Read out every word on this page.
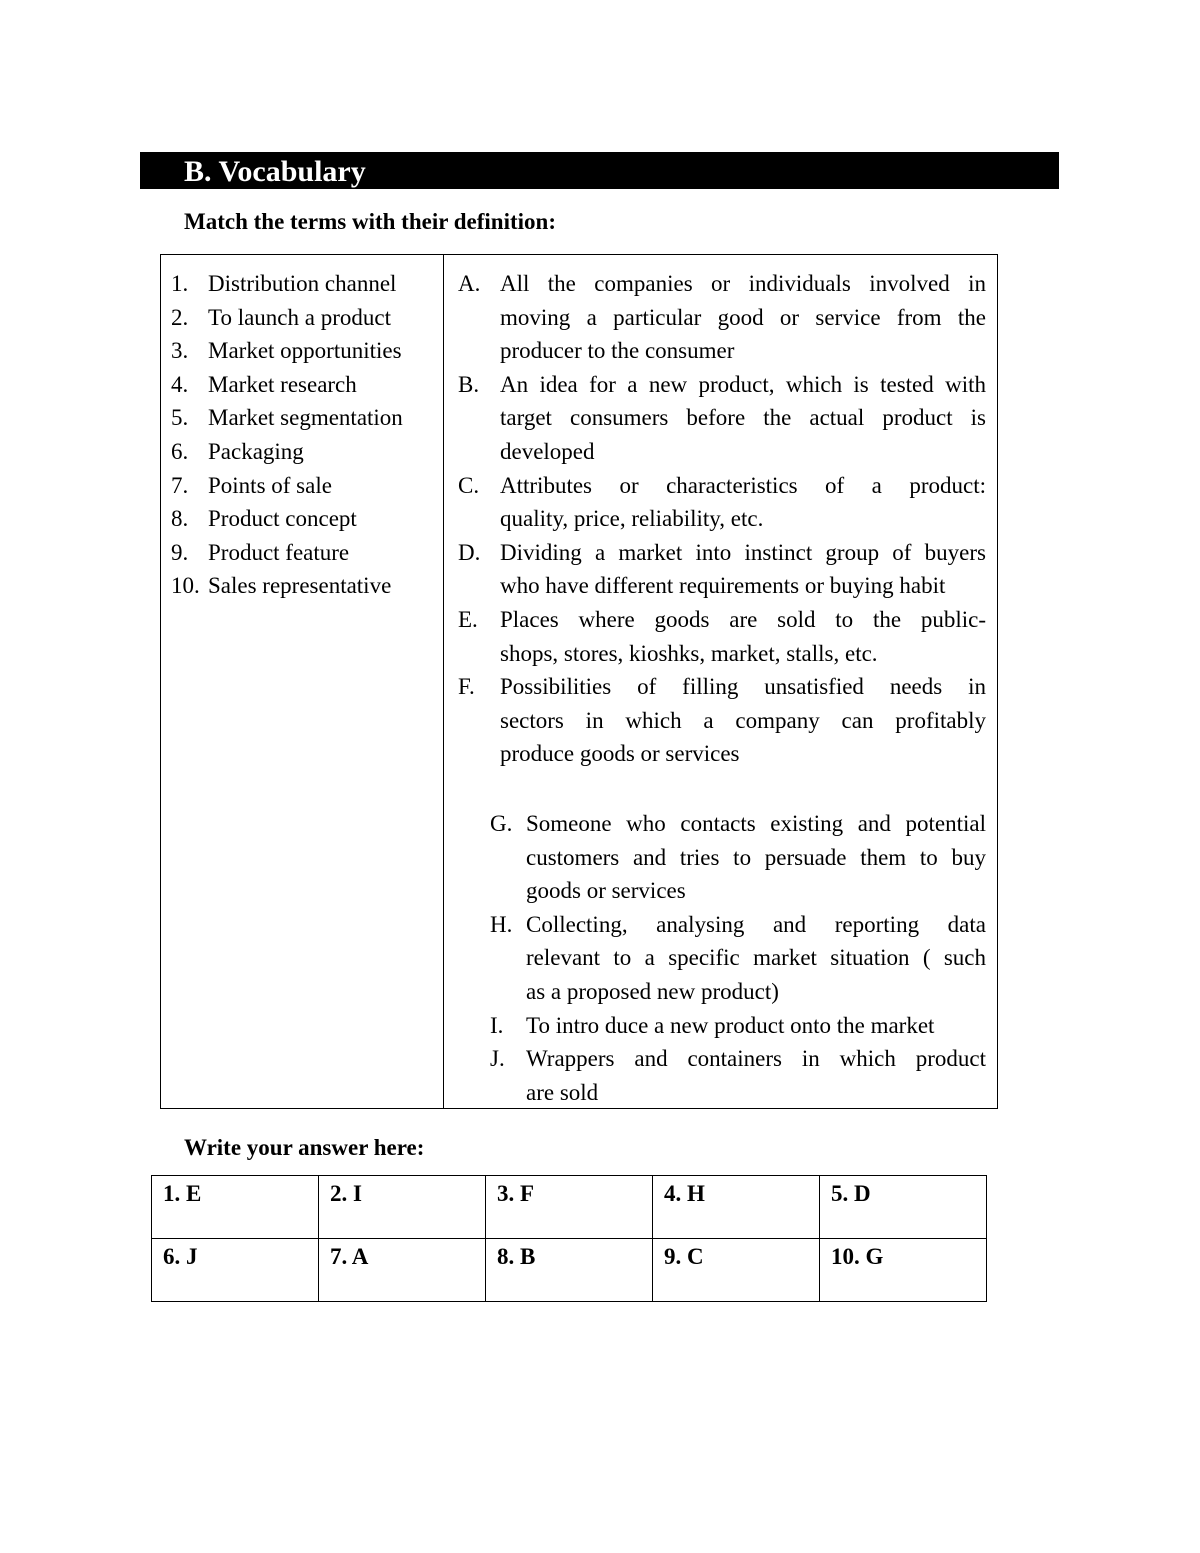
B. Vocabulary
Match the terms with their definition:
1. Distribution channel
2. To launch a product
3. Market opportunities
4. Market research
5. Market segmentation
6. Packaging
7. Points of sale
8. Product concept
9. Product feature
10. Sales representative
A. All the companies or individuals involved in
moving a particular good or service from the
producer to the consumer
B. An idea for a new product, which is tested with
target consumers before the actual product is
developed
C. Attributes or characteristics of a product:
quality, price, reliability, etc.
D. Dividing a market into instinct group of buyers
who have different requirements or buying habit
E. Places where goods are sold to the public-
shops, stores, kioshks, market, stalls, etc.
F. Possibilities of filling unsatisfied needs in
sectors in which a company can profitably
produce goods or services
G. Someone who contacts existing and potential
customers and tries to persuade them to buy
goods or services
H. Collecting, analysing and reporting data
relevant to a specific market situation ( such
as a proposed new product)
I. To intro duce a new product onto the market
J. Wrappers and containers in which product
are sold
Write your answer here:
1. E	2. I	3. F	4. H	5. D
6. J	7. A	8. B	9. C	10. G
